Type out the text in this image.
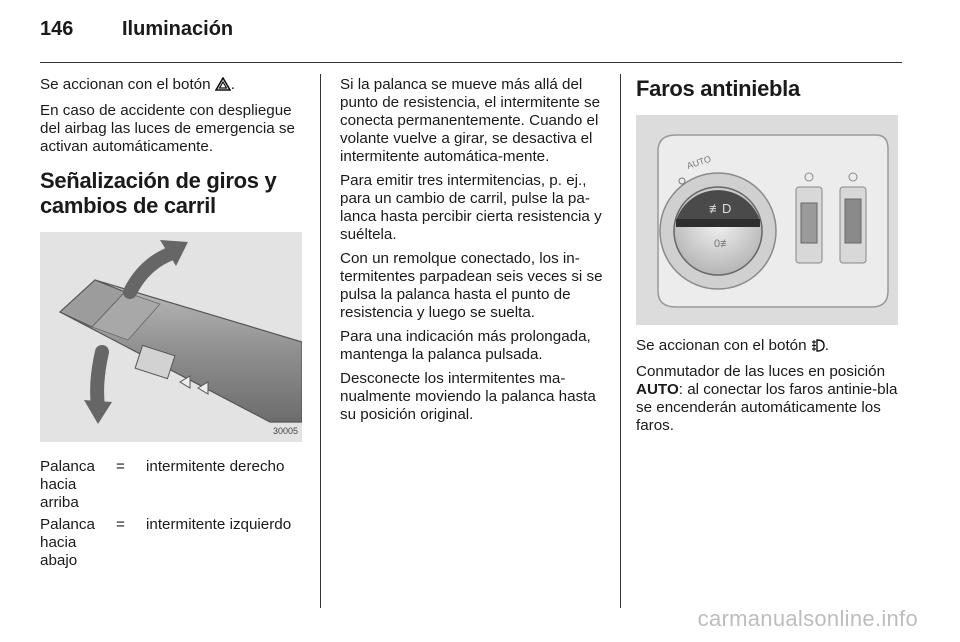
146 Iluminación

Se accionan con el botón .

En caso de accidente con despliegue del airbag las luces de emergencia se activan automáticamente.

Señalización de giros y cambios de carril
30005
Palanca hacia arriba
=	intermitente derecho
Palanca hacia abajo
=	intermitente izquierdo

Si la palanca se mueve más allá del punto de resistencia, el intermitente se conecta permanentemente. Cuando el volante vuelve a girar, se desactiva el intermitente automática-mente.

Para emitir tres intermitencias, p. ej., para un cambio de carril, pulse la pa-lanca hasta percibir cierta resistencia y suéltela.

Con un remolque conectado, los in-termitentes parpadean seis veces si se pulsa la palanca hasta el punto de resistencia y luego se suelta.

Para una indicación más prolongada, mantenga la palanca pulsada.

Desconecte los intermitentes ma-nualmente moviendo la palanca hasta su posición original.

Faros antiniebla
≢D
0≢
AUTO

Se accionan con el botón .

Conmutador de las luces en posición AUTO: al conectar los faros antinie-bla se encenderán automáticamente los faros.

carmanualsonline.info
